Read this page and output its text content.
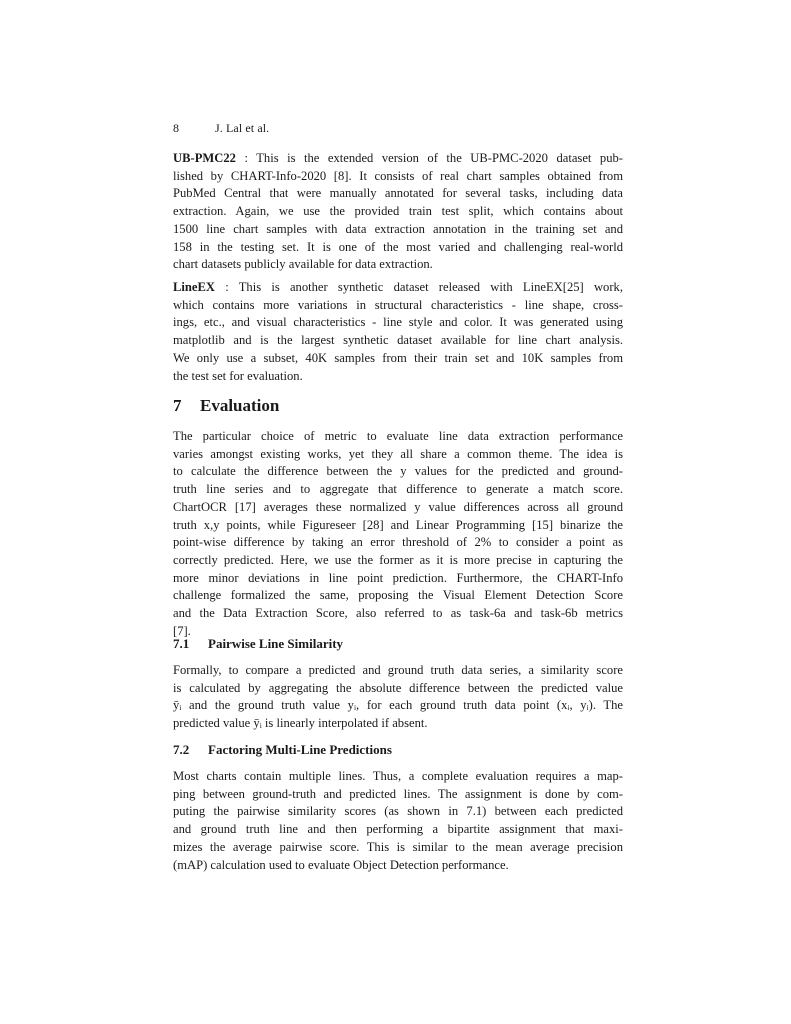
8	J. Lal et al.

UB-PMC22 : This is the extended version of the UB-PMC-2020 dataset pub-
lished by CHART-Info-2020 [8]. It consists of real chart samples obtained from
PubMed Central that were manually annotated for several tasks, including data
extraction. Again, we use the provided train test split, which contains about
1500 line chart samples with data extraction annotation in the training set and
158 in the testing set. It is one of the most varied and challenging real-world
chart datasets publicly available for data extraction.

LineEX : This is another synthetic dataset released with LineEX[25] work,
which contains more variations in structural characteristics - line shape, cross-
ings, etc., and visual characteristics - line style and color. It was generated using
matplotlib and is the largest synthetic dataset available for line chart analysis.
We only use a subset, 40K samples from their train set and 10K samples from
the test set for evaluation.

7 Evaluation

The particular choice of metric to evaluate line data extraction performance
varies amongst existing works, yet they all share a common theme. The idea is
to calculate the difference between the y values for the predicted and ground-
truth line series and to aggregate that difference to generate a match score.
ChartOCR [17] averages these normalized y value differences across all ground
truth x,y points, while Figureseer [28] and Linear Programming [15] binarize the
point-wise difference by taking an error threshold of 2% to consider a point as
correctly predicted. Here, we use the former as it is more precise in capturing the
more minor deviations in line point prediction. Furthermore, the CHART-Info
challenge formalized the same, proposing the Visual Element Detection Score
and the Data Extraction Score, also referred to as task-6a and task-6b metrics
[7].

7.1 Pairwise Line Similarity

Formally, to compare a predicted and ground truth data series, a similarity score
is calculated by aggregating the absolute difference between the predicted value
ȳᵢ and the ground truth value yᵢ, for each ground truth data point (xᵢ, yᵢ). The
predicted value ȳᵢ is linearly interpolated if absent.

7.2 Factoring Multi-Line Predictions

Most charts contain multiple lines. Thus, a complete evaluation requires a map-
ping between ground-truth and predicted lines. The assignment is done by com-
puting the pairwise similarity scores (as shown in 7.1) between each predicted
and ground truth line and then performing a bipartite assignment that maxi-
mizes the average pairwise score. This is similar to the mean average precision
(mAP) calculation used to evaluate Object Detection performance.
